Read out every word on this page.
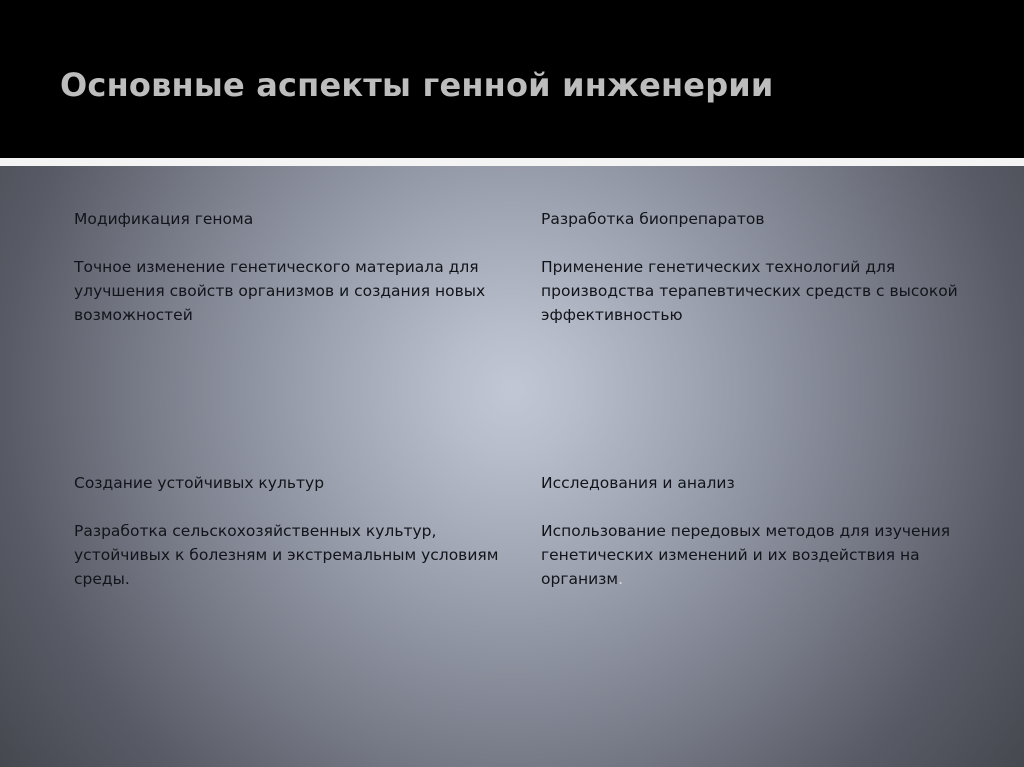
Основные аспекты генной инженерии

Модификация генома

Точное изменение генетического материала для улучшения свойств организмов и создания новых возможностей

Разработка биопрепаратов

Применение генетических технологий для производства терапевтических средств с высокой эффективностью

Создание устойчивых культур

Разработка сельскохозяйственных культур, устойчивых к болезням и экстремальным условиям среды.

Исследования и анализ

Использование передовых методов для изучения генетических изменений и их воздействия на организм.
